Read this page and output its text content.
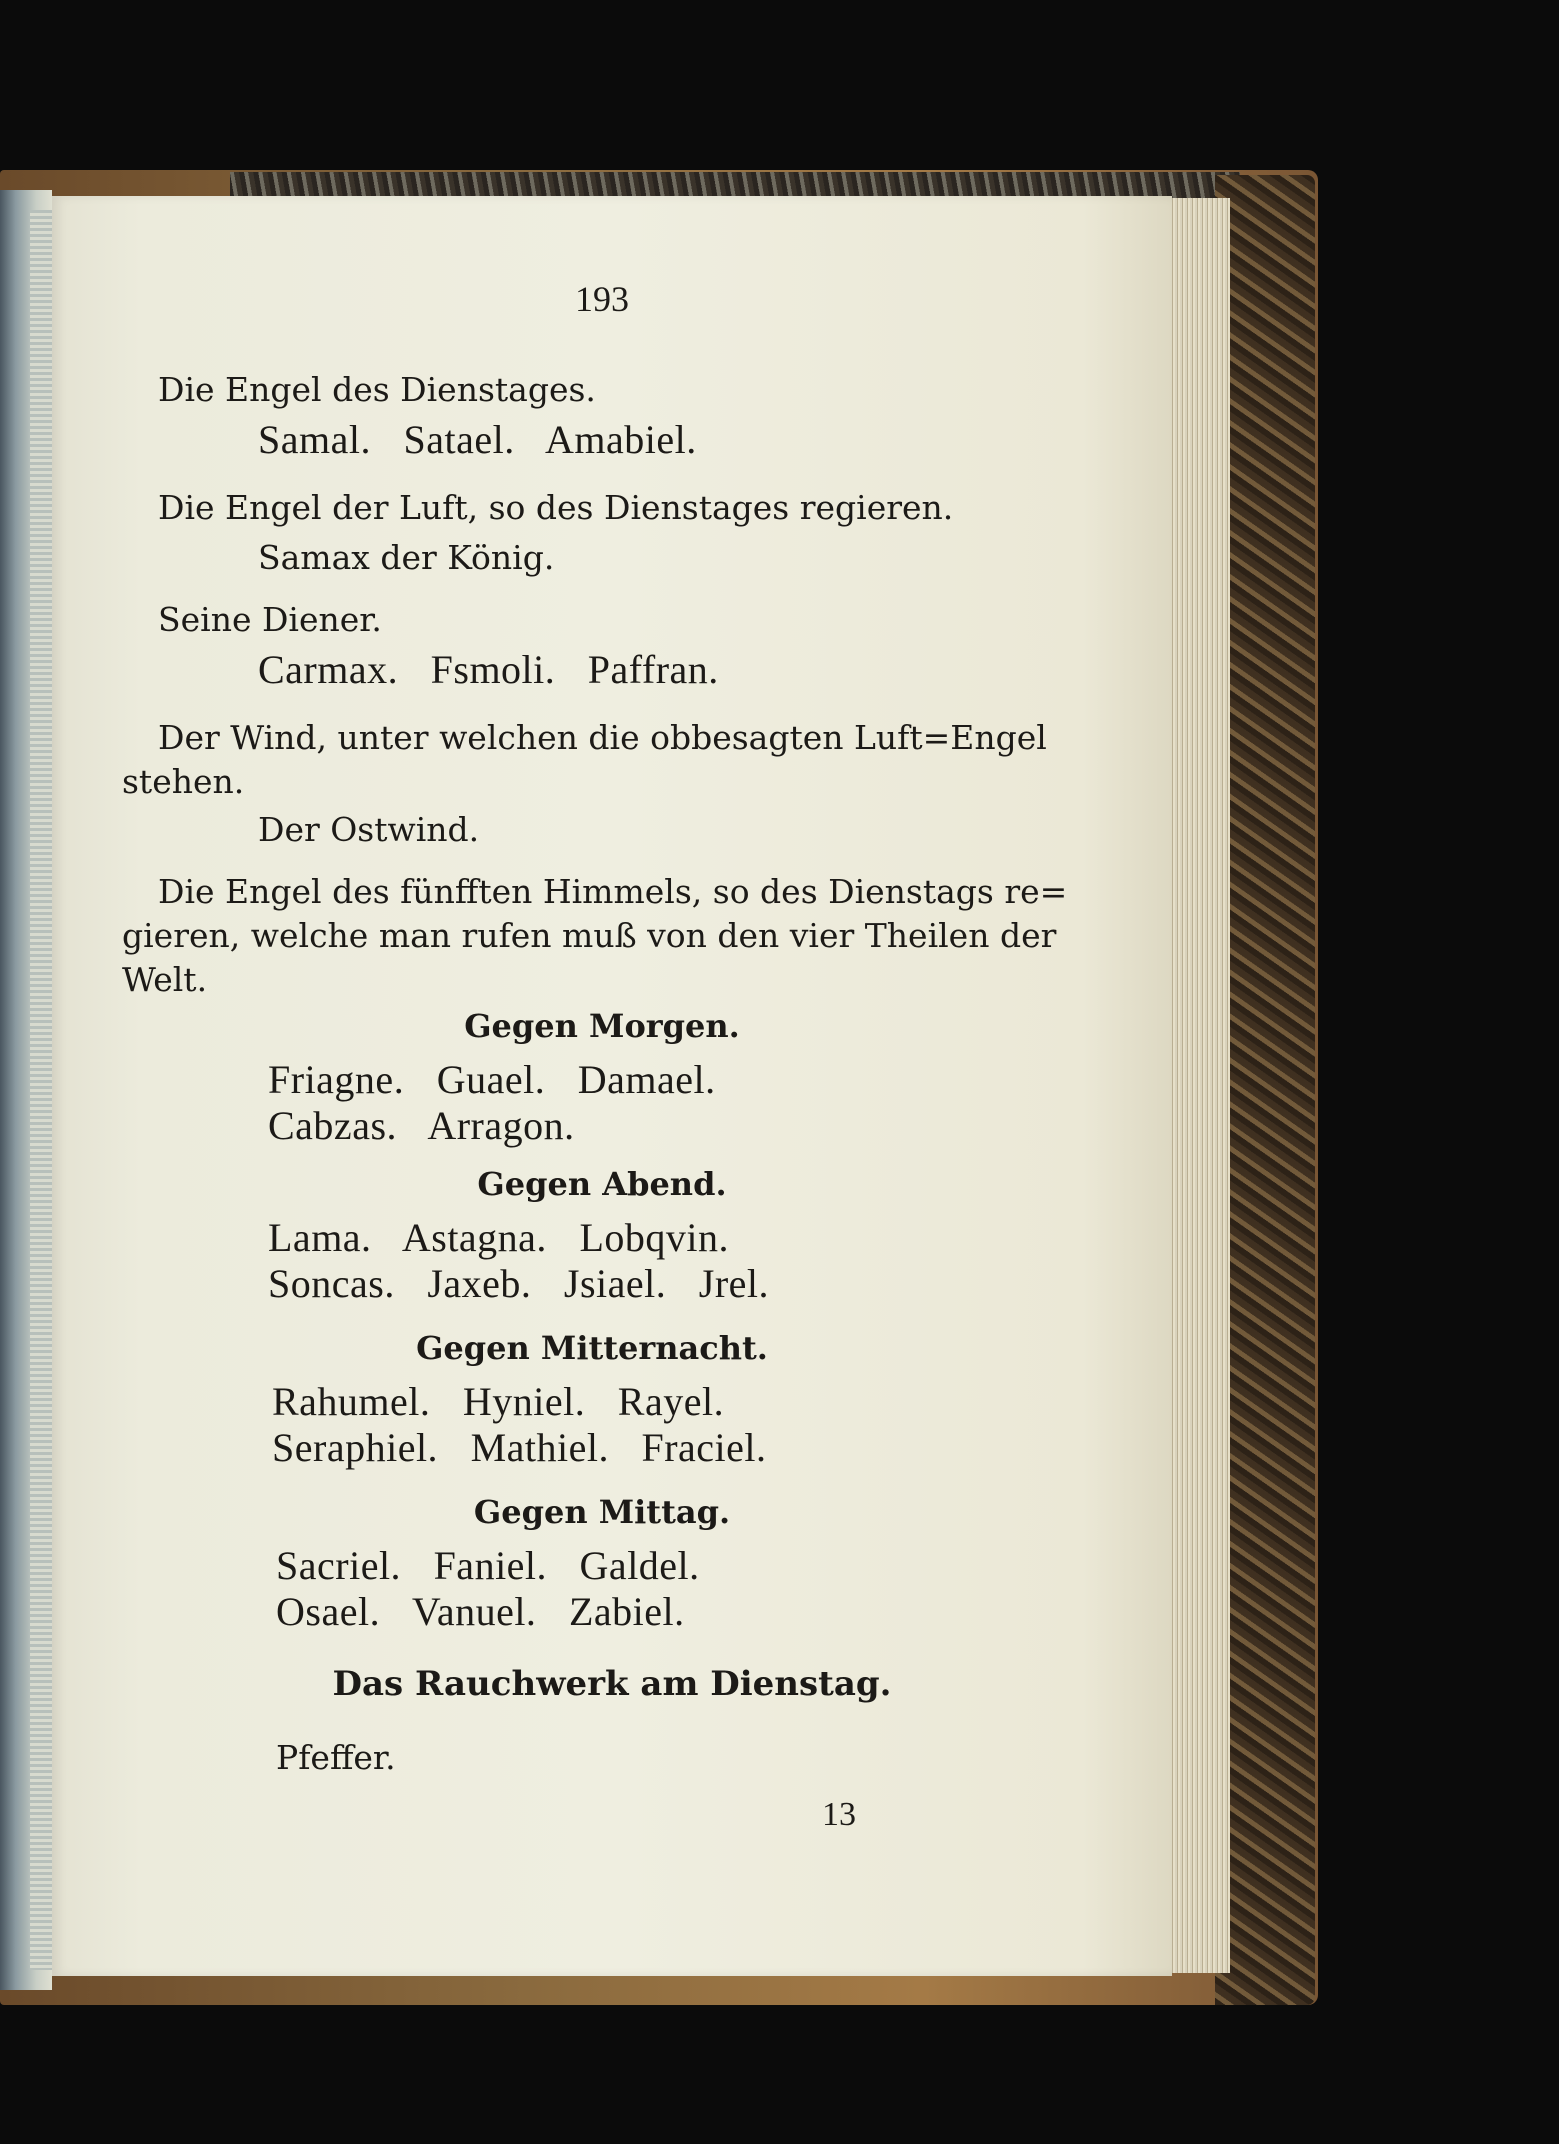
193
Die Engel des Dienstages.
Samal. Satael. Amabiel.
Die Engel der Luft, so des Dienstages regieren.
Samax der König.
Seine Diener.
Carmax. Fsmoli. Paffran.
Der Wind, unter welchen die obbesagten Luft=Engel
stehen.
Der Ostwind.
Die Engel des fünfften Himmels, so des Dienstags re=
gieren, welche man rufen muß von den vier Theilen der
Welt.
Gegen Morgen.
Friagne. Guael. Damael.
Cabzas. Arragon.
Gegen Abend.
Lama. Astagna. Lobqvin.
Soncas. Jaxeb. Jsiael. Jrel.
Gegen Mitternacht.
Rahumel. Hyniel. Rayel.
Seraphiel. Mathiel. Fraciel.
Gegen Mittag.
Sacriel. Faniel. Galdel.
Osael. Vanuel. Zabiel.
Das Rauchwerk am Dienstag.
Pfeffer.
13
